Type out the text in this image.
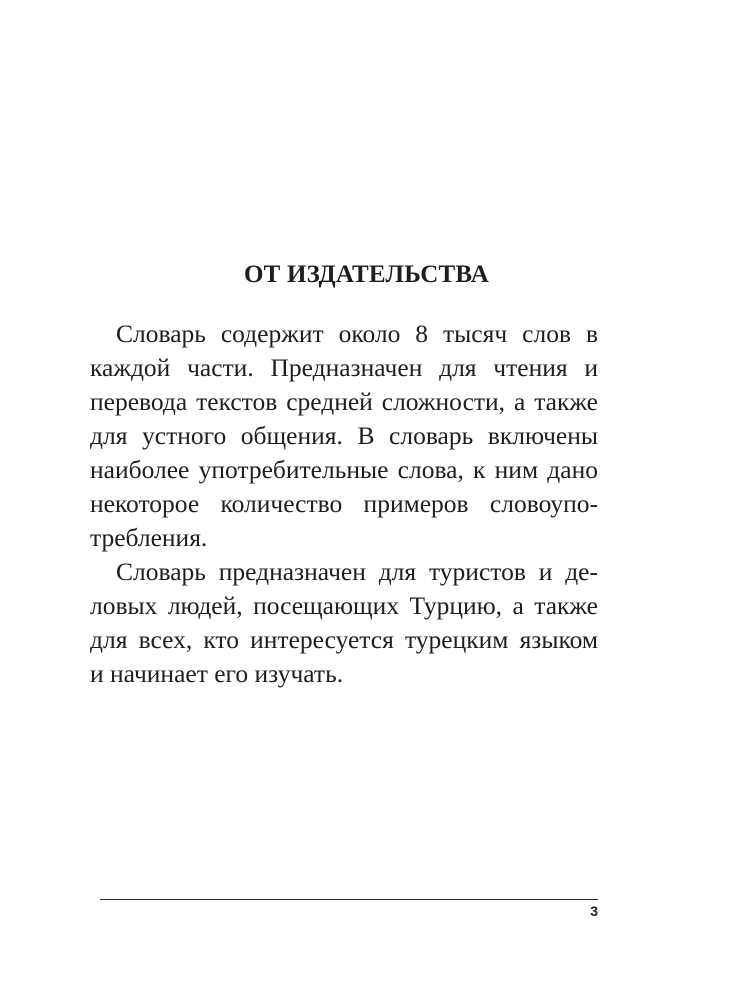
ОТ ИЗДАТЕЛЬСТВА

Словарь содержит около 8 тысяч слов в

каждой части. Предназначен для чтения и

перевода текстов средней сложности, а также

для устного общения. В словарь включены

наиболее употребительные слова, к ним дано

некоторое количество примеров словоупо-

требления.

Словарь предназначен для туристов и де-

ловых людей, посещающих Турцию, а также

для всех, кто интересуется турецким языком

и начинает его изучать.

3
